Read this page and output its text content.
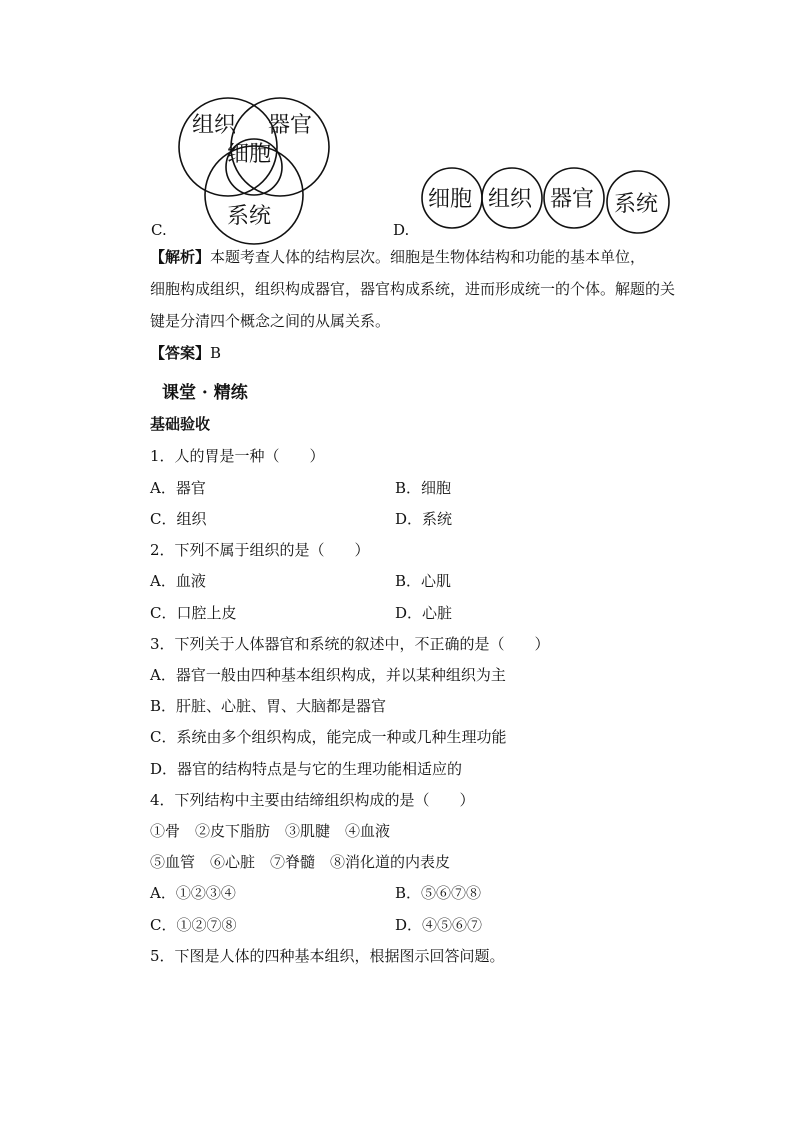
组织 器官
细胞
系统
C.	D.
细胞 组织 器官 系统
【解析】本题考查人体的结构层次。细胞是生物体结构和功能的基本单位，
细胞构成组织，组织构成器官，器官构成系统，进而形成统一的个体。解题的关
键是分清四个概念之间的从属关系。
【答案】B
课堂 · 精练
基础验收
1．人的胃是一种（　　）
A．器官	B．细胞
C．组织	D．系统
2．下列不属于组织的是（　　）
A．血液	B．心肌
C．口腔上皮	D．心脏
3．下列关于人体器官和系统的叙述中，不正确的是（　　）
A．器官一般由四种基本组织构成，并以某种组织为主
B．肝脏、心脏、胃、大脑都是器官
C．系统由多个组织构成，能完成一种或几种生理功能
D．器官的结构特点是与它的生理功能相适应的
4．下列结构中主要由结缔组织构成的是（　　）
①骨　②皮下脂肪　③肌腱　④血液
⑤血管　⑥心脏　⑦脊髓　⑧消化道的内表皮
A．①②③④	B．⑤⑥⑦⑧
C．①②⑦⑧	D．④⑤⑥⑦
5．下图是人体的四种基本组织，根据图示回答问题。
